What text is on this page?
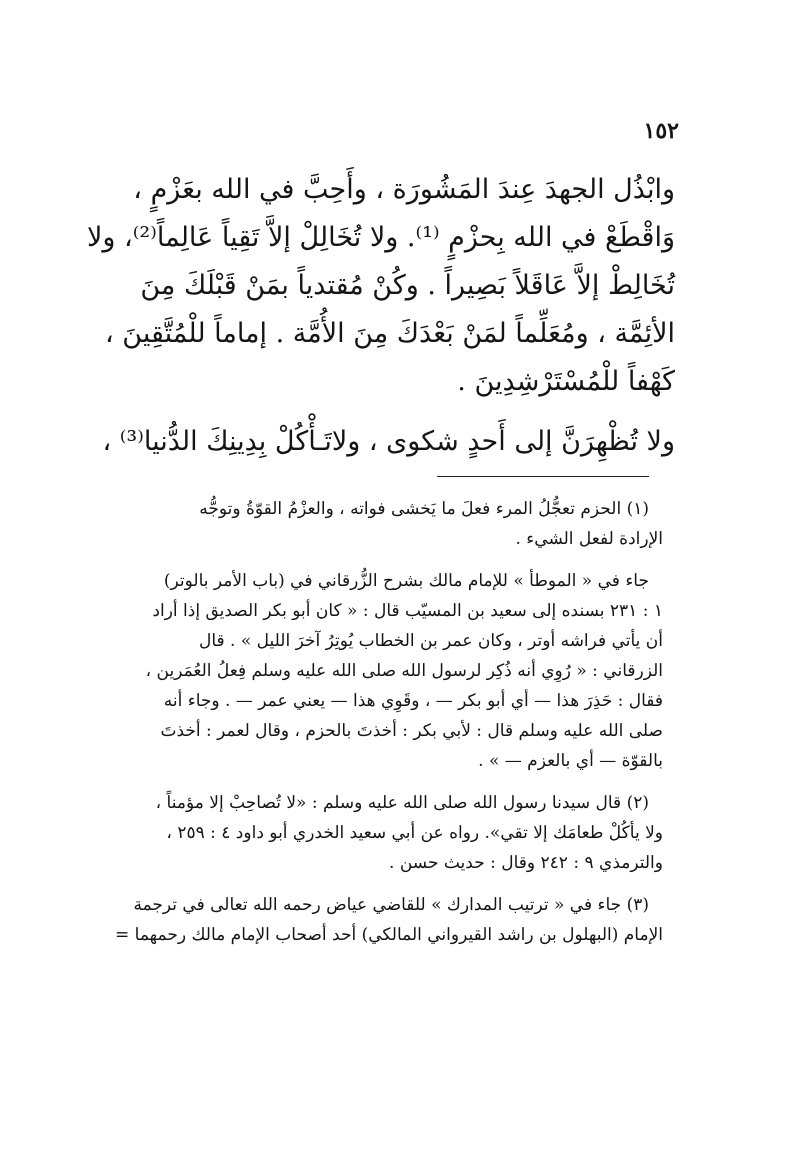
١٥٢

وابْذُل الجهدَ عِندَ المَشُورَة ، وأَحِبَّ في الله بعَزْمٍ ،

وَاقْطَعْ في الله بِحزْمٍ ⁽¹⁾. ولا تُخَالِلْ إلاَّ تَقِياً عَالِماً⁽²⁾، ولا

تُخَالِطْ إلاَّ عَاقَلاً بَصِيراً . وكُنْ مُقتدياً بمَنْ قَبْلَكَ مِنَ

الأئِمَّة ، ومُعَلِّماً لمَنْ بَعْدَكَ مِنَ الأُمَّة . إماماً للْمُتَّقِينَ ،

كَهْفاً للْمُسْتَرْشِدِينَ .

ولا تُظْهِرَنَّ إلى أَحدٍ شكوى ، ولاتَـأْكُلْ بِدِينِكَ الدُّنيا⁽³⁾ ،

(١) الحزم تعجُّلُ المرء فعلَ ما يَخشى فواته ، والعزْمُ القوّةُ وتوجُّه

الإرادة لفعل الشيء .

جاء في « الموطأ » للإمام مالك بشرح الزُّرقاني في (باب الأمر بالوتر)

١ : ٢٣١ بسنده إلى سعيد بن المسيّب قال : « كان أبو بكر الصديق إذا أراد

أن يأتي فراشه أوتر ، وكان عمر بن الخطاب يُوتِرُ آخرَ الليل » . قال

الزرقاني : « رُوِي أنه ذُكِر لرسول الله صلى الله عليه وسلم فِعلُ العُمَرين ،

فقال : حَذِرَ هذا — أي أبو بكر — ، وقَوِي هذا — يعني عمر — . وجاء أنه

صلى الله عليه وسلم قال : لأبي بكر : أخذتَ بالحزم ، وقال لعمر : أخذتَ

بالقوّة — أي بالعزم — » .

(٢) قال سيدنا رسول الله صلى الله عليه وسلم : «لا تُصاحِبْ إلا مؤمناً ،

ولا يأكُلْ طعامَك إلا تقي». رواه عن أبي سعيد الخدري أبو داود ٤ : ٢٥٩ ،

والترمذي ٩ : ٢٤٢ وقال : حديث حسن .

(٣) جاء في « ترتيب المدارك » للقاضي عياض رحمه الله تعالى في ترجمة

الإمام (البهلول بن راشد القيرواني المالكي) أحد أصحاب الإمام مالك رحمهما =
